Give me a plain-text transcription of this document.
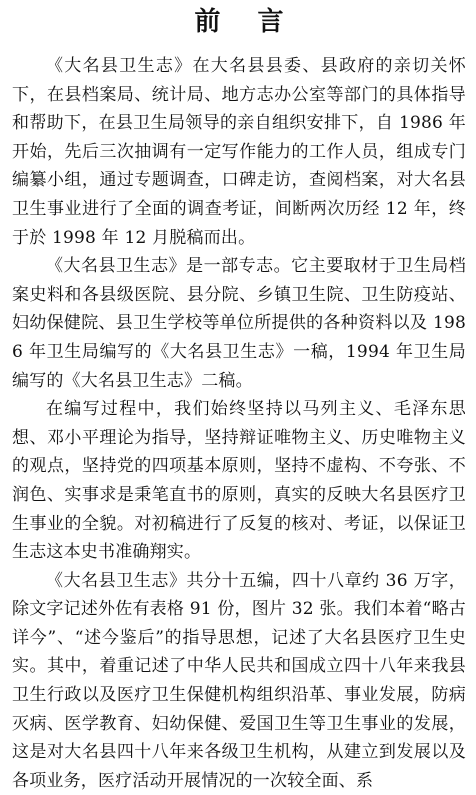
前 言

《大名县卫生志》在大名县县委、县政府的亲切关怀下，在县档案局、统计局、地方志办公室等部门的具体指导和帮助下，在县卫生局领导的亲自组织安排下，自 1986 年开始，先后三次抽调有一定写作能力的工作人员，组成专门编纂小组，通过专题调查，口碑走访，查阅档案，对大名县卫生事业进行了全面的调查考证，间断两次历经 12 年，终于於 1998 年 12 月脱稿而出。

《大名县卫生志》是一部专志。它主要取材于卫生局档案史料和各县级医院、县分院、乡镇卫生院、卫生防疫站、妇幼保健院、县卫生学校等单位所提供的各种资料以及 1986 年卫生局编写的《大名县卫生志》一稿，1994 年卫生局编写的《大名县卫生志》二稿。

在编写过程中，我们始终坚持以马列主义、毛泽东思想、邓小平理论为指导，坚持辩证唯物主义、历史唯物主义的观点，坚持党的四项基本原则，坚持不虚构、不夸张、不润色、实事求是秉笔直书的原则，真实的反映大名县医疗卫生事业的全貌。对初稿进行了反复的核对、考证，以保证卫生志这本史书准确翔实。

《大名县卫生志》共分十五编，四十八章约 36 万字，除文字记述外佐有表格 91 份，图片 32 张。我们本着“略古详今”、“述今鉴后”的指导思想，记述了大名县医疗卫生史实。其中，着重记述了中华人民共和国成立四十八年来我县卫生行政以及医疗卫生保健机构组织沿革、事业发展，防病灭病、医学教育、妇幼保健、爱国卫生等卫生事业的发展，这是对大名县四十八年来各级卫生机构，从建立到发展以及各项业务，医疗活动开展情况的一次较全面、系
